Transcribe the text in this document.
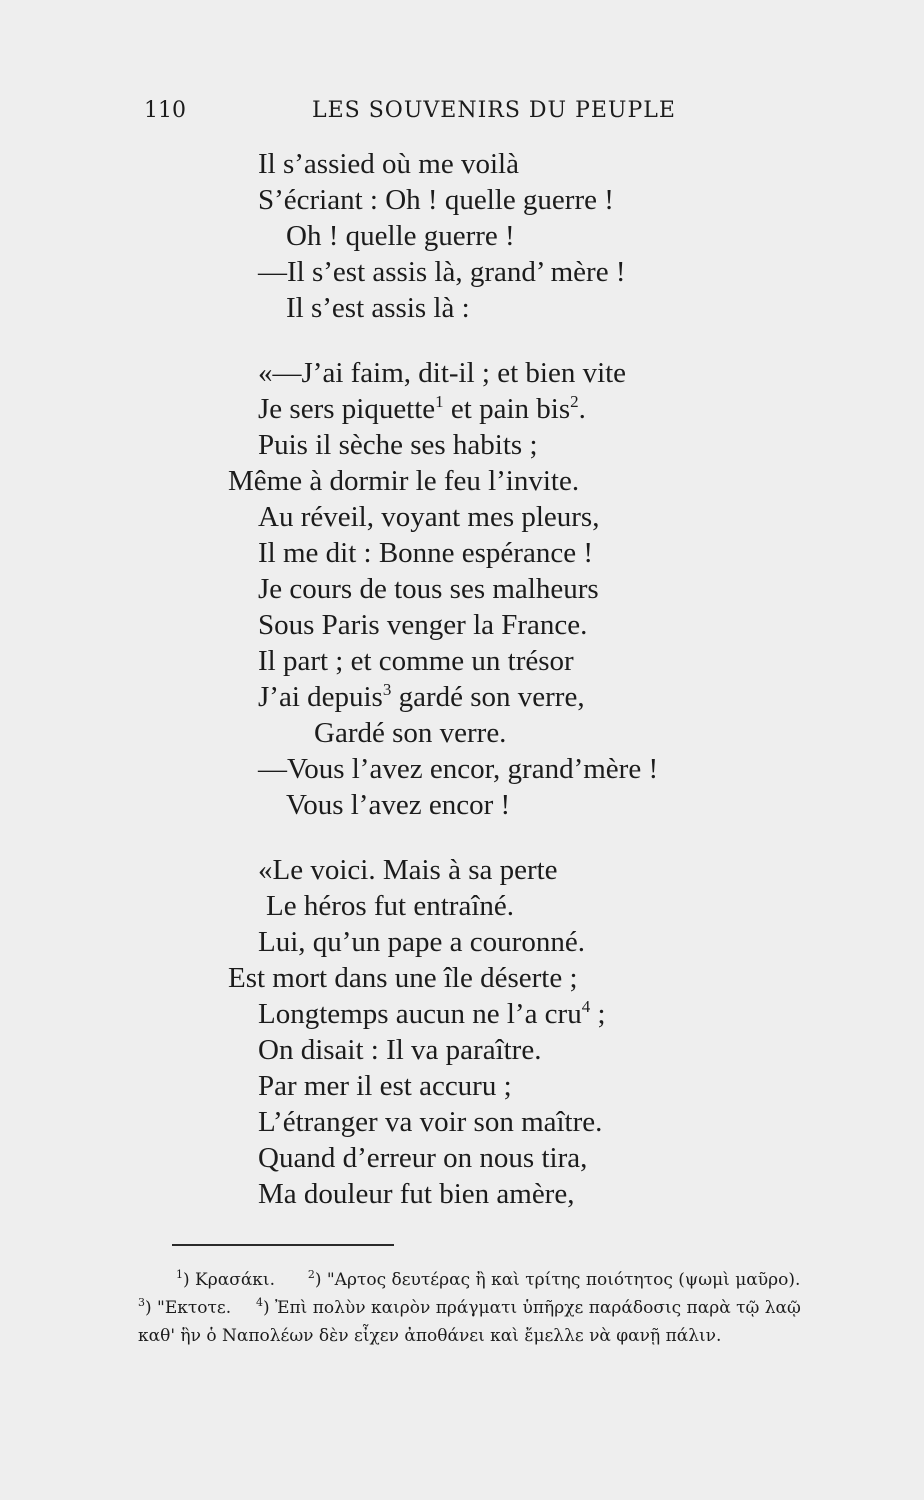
110	LES SOUVENIRS DU PEUPLE
Il s’assied où me voilà
S’écriant : Oh ! quelle guerre !
Oh ! quelle guerre !
—Il s’est assis là, grand’ mère !
Il s’est assis là :
«—J’ai faim, dit-il ; et bien vite
Je sers piquette$^1$ et pain bis$^2$.
Puis il sèche ses habits ;
Même à dormir le feu l’invite.
Au réveil, voyant mes pleurs,
Il me dit : Bonne espérance !
Je cours de tous ses malheurs
Sous Paris venger la France.
Il part ; et comme un trésor
J’ai depuis$^3$ gardé son verre,
Gardé son verre.
—Vous l’avez encor, grand’mère !
Vous l’avez encor !
«Le voici. Mais à sa perte
Le héros fut entraîné.
Lui, qu’un pape a couronné.
Est mort dans une île déserte ;
Longtemps aucun ne l’a cru$^4$ ;
On disait : Il va paraître.
Par mer il est accuru ;
L’étranger va voir son maître.
Quand d’erreur on nous tira,
Ma douleur fut bien amère,
$^1$) Κρασάκι.	$^2$) "Αρτος δευτέρας ἢ καὶ τρίτης ποιότητος (ψωμὶ μαῦρο).
$^3$) "Εκτοτε. $^4$) Ἐπὶ πολὺν καιρὸν πράγματι ὑπῆρχε παράδοσις παρὰ τῷ λαῷ
καθ' ἣν ὁ Ναπολέων δὲν εἶχεν ἀποθάνει καὶ ἔμελλε νὰ φανῇ πάλιν.
